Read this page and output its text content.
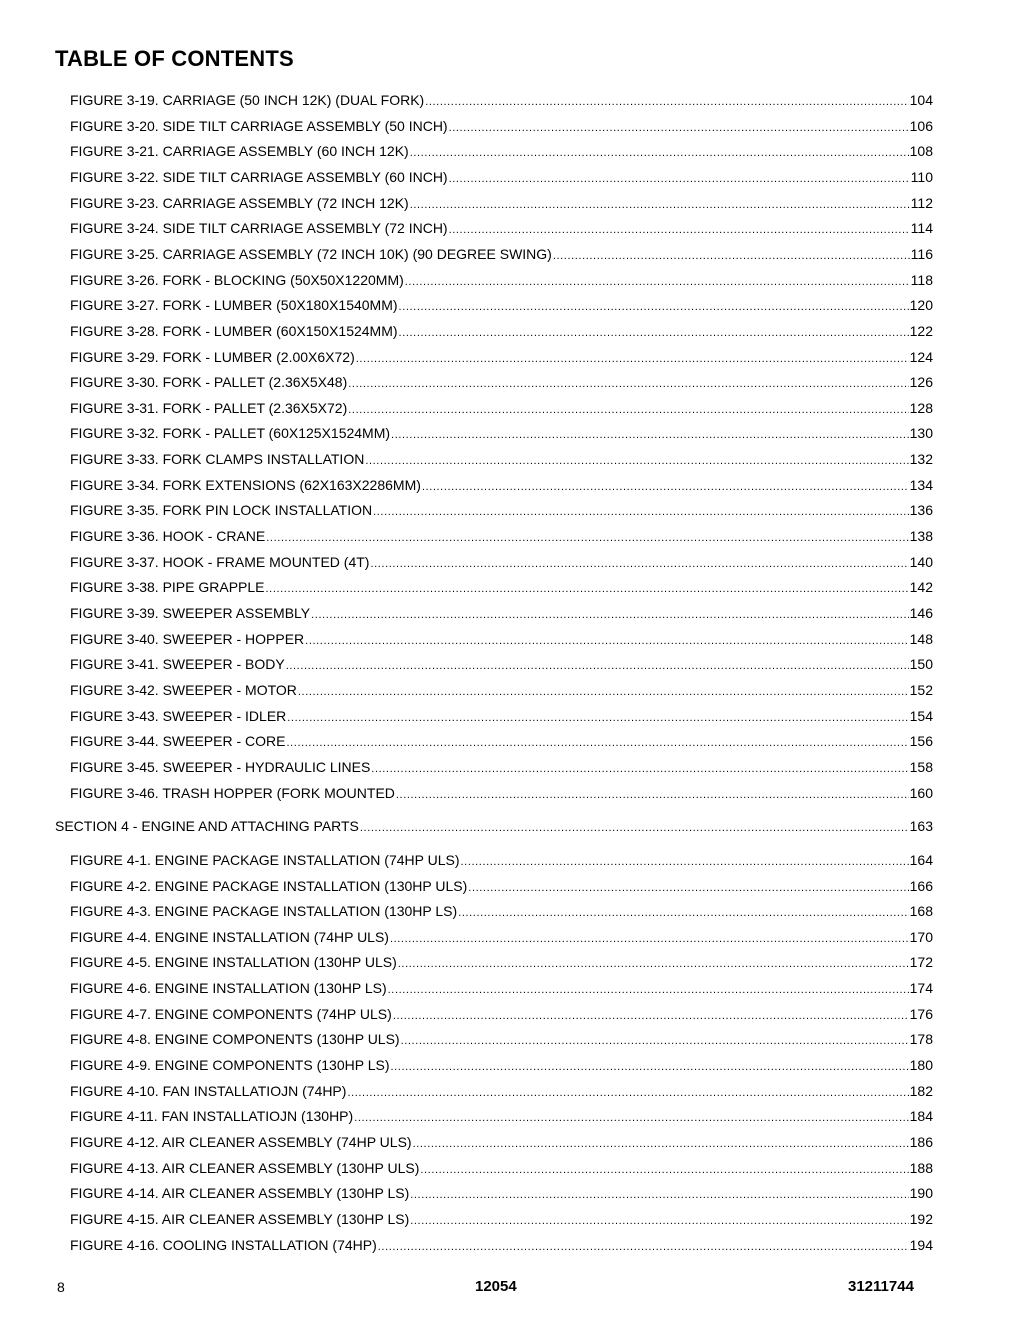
TABLE OF CONTENTS
FIGURE 3-19. CARRIAGE (50 INCH 12K) (DUAL FORK) .....	104
FIGURE 3-20. SIDE TILT CARRIAGE ASSEMBLY (50 INCH) .....	106
FIGURE 3-21. CARRIAGE ASSEMBLY (60 INCH 12K) .....	108
FIGURE 3-22. SIDE TILT CARRIAGE ASSEMBLY (60 INCH) .....	110
FIGURE 3-23. CARRIAGE ASSEMBLY (72 INCH 12K) .....	112
FIGURE 3-24. SIDE TILT CARRIAGE ASSEMBLY (72 INCH) .....	114
FIGURE 3-25. CARRIAGE ASSEMBLY (72 INCH 10K) (90 DEGREE SWING) .....	116
FIGURE 3-26. FORK - BLOCKING (50X50X1220MM) .....	118
FIGURE 3-27. FORK - LUMBER (50X180X1540MM) .....	120
FIGURE 3-28. FORK - LUMBER (60X150X1524MM) .....	122
FIGURE 3-29. FORK - LUMBER (2.00X6X72) .....	124
FIGURE 3-30. FORK - PALLET (2.36X5X48) .....	126
FIGURE 3-31. FORK - PALLET (2.36X5X72) .....	128
FIGURE 3-32. FORK - PALLET (60X125X1524MM) .....	130
FIGURE 3-33. FORK CLAMPS INSTALLATION .....	132
FIGURE 3-34. FORK EXTENSIONS (62X163X2286MM) .....	134
FIGURE 3-35. FORK PIN LOCK INSTALLATION .....	136
FIGURE 3-36. HOOK - CRANE .....	138
FIGURE 3-37. HOOK - FRAME MOUNTED (4T) .....	140
FIGURE 3-38. PIPE GRAPPLE .....	142
FIGURE 3-39. SWEEPER ASSEMBLY .....	146
FIGURE 3-40. SWEEPER - HOPPER .....	148
FIGURE 3-41. SWEEPER - BODY .....	150
FIGURE 3-42. SWEEPER - MOTOR .....	152
FIGURE 3-43. SWEEPER - IDLER .....	154
FIGURE 3-44. SWEEPER - CORE .....	156
FIGURE 3-45. SWEEPER - HYDRAULIC LINES .....	158
FIGURE 3-46. TRASH HOPPER (FORK MOUNTED .....	160
SECTION 4 - ENGINE AND ATTACHING PARTS .....	163
FIGURE 4-1. ENGINE PACKAGE INSTALLATION (74HP ULS) .....	164
FIGURE 4-2. ENGINE PACKAGE INSTALLATION (130HP ULS) .....	166
FIGURE 4-3. ENGINE PACKAGE INSTALLATION (130HP LS) .....	168
FIGURE 4-4. ENGINE INSTALLATION (74HP ULS) .....	170
FIGURE 4-5. ENGINE INSTALLATION (130HP ULS) .....	172
FIGURE 4-6. ENGINE INSTALLATION (130HP LS) .....	174
FIGURE 4-7. ENGINE COMPONENTS (74HP ULS) .....	176
FIGURE 4-8. ENGINE COMPONENTS (130HP ULS) .....	178
FIGURE 4-9. ENGINE COMPONENTS (130HP LS) .....	180
FIGURE 4-10. FAN INSTALLATIOJN (74HP) .....	182
FIGURE 4-11. FAN INSTALLATIOJN (130HP) .....	184
FIGURE 4-12. AIR CLEANER ASSEMBLY (74HP ULS) .....	186
FIGURE 4-13. AIR CLEANER ASSEMBLY (130HP ULS) .....	188
FIGURE 4-14. AIR CLEANER ASSEMBLY (130HP LS) .....	190
FIGURE 4-15. AIR CLEANER ASSEMBLY (130HP LS) .....	192
FIGURE 4-16. COOLING INSTALLATION (74HP) .....	194
8	12054	31211744
